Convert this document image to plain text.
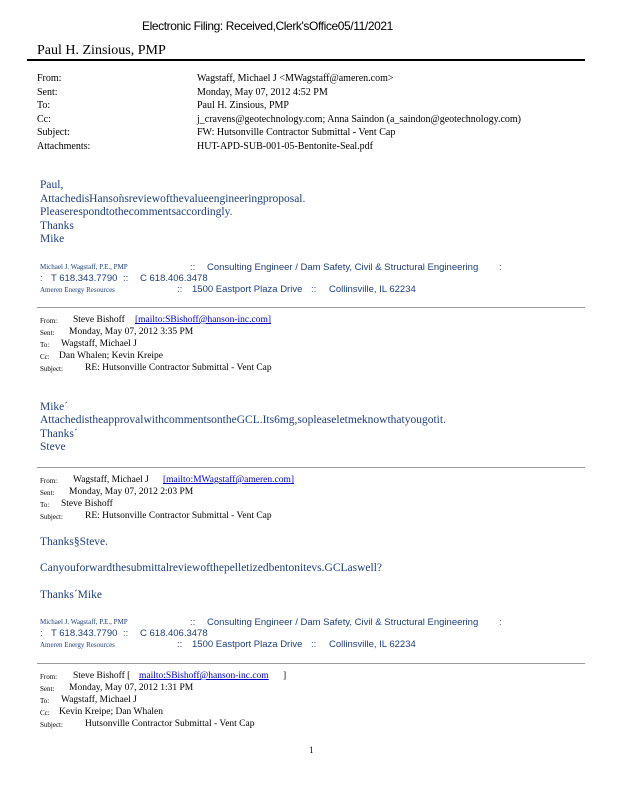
Electronic Filing: Received,Clerk'sOffice05/11/2021
Paul H. Zinsious, PMP
From:	Wagstaff, Michael J <MWagstaff@ameren.com>
Sent:	Monday, May 07, 2012 4:52 PM
To:	Paul H. Zinsious, PMP
Cc:	j_cravens@geotechnology.com; Anna Saindon (a_saindon@geotechnology.com)
Subject:	FW: Hutsonville Contractor Submittal - Vent Cap
Attachments:	HUT-APD-SUB-001-05-Bentonite-Seal.pdf
Paul,
AttachedisHansoǹsreviewofthevalueengineeringproposal.
Pleaserespondtothecommentsaccordingly.
Thanks
Mike
Michael J. Wagstaff, P.E., PMP	:: Consulting Engineer / Dam Safety, Civil & Structural Engineering :
: T 618.343.7790 :: C 618.406.3478
Ameren Energy Resources	:: 1500 Eastport Plaza Drive :: Collinsville, IL 62234
From: Steve Bishoff [mailto:SBishoff@hanson-inc.com]
Sent: Monday, May 07, 2012 3:35 PM
To: Wagstaff, Michael J
Cc: Dan Whalen; Kevin Kreipe
Subject: RE: Hutsonville Contractor Submittal - Vent Cap
Mike´
AttachedistheapprovalwithcommentsontheGCL.Its6mg,sopleaseletmeknowthatyougotit.
Thanks´
Steve
From: Wagstaff, Michael J [mailto:MWagstaff@ameren.com]
Sent: Monday, May 07, 2012 2:03 PM
To: Steve Bishoff
Subject: RE: Hutsonville Contractor Submittal - Vent Cap
Thanks§Steve.
Canyouforwardthesubmittalreviewofthepelletizedbentonitevs.GCLaswell?
Thanks´Mike
Michael J. Wagstaff, P.E., PMP	:: Consulting Engineer / Dam Safety, Civil & Structural Engineering :
: T 618.343.7790 :: C 618.406.3478
Ameren Energy Resources	:: 1500 Eastport Plaza Drive :: Collinsville, IL 62234
From: Steve Bishoff [ mailto:SBishoff@hanson-inc.com ]
Sent: Monday, May 07, 2012 1:31 PM
To: Wagstaff, Michael J
Cc: Kevin Kreipe; Dan Whalen
Subject: Hutsonville Contractor Submittal - Vent Cap
1
